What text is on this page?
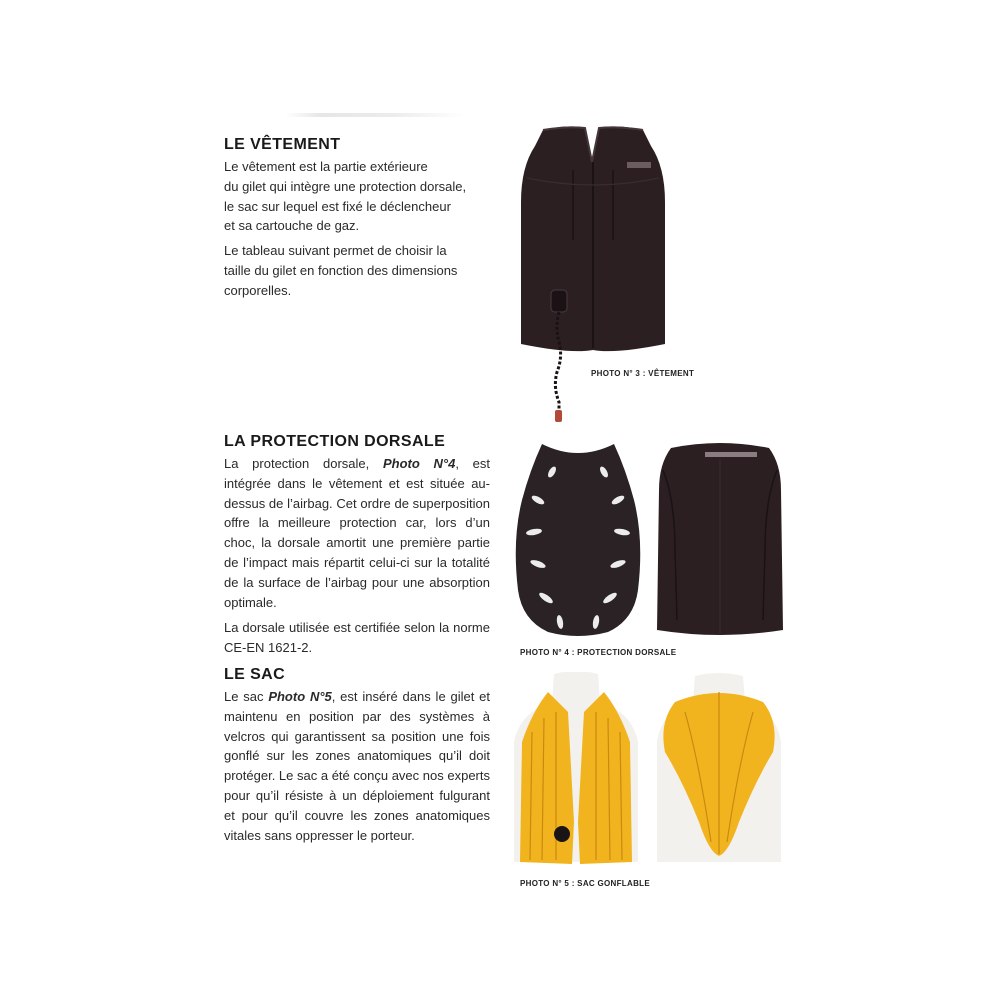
LE VÊTEMENT
Le vêtement est la partie extérieure
du gilet qui intègre une protection dorsale,
le sac sur lequel est fixé le déclencheur
et sa cartouche de gaz.
Le tableau suivant permet de choisir la
taille du gilet en fonction des dimensions
corporelles.
PHOTO N° 3 : VÊTEMENT
LA PROTECTION DORSALE

La protection dorsale, Photo N°4, est intégrée dans le vêtement et est située au-dessus de l’airbag. Cet ordre de superposition offre la meilleure protection car, lors d’un choc, la dorsale amortit une première partie de l’impact mais répartit celui-ci sur la totalité de la surface de l’airbag pour une absorption optimale.

La dorsale utilisée est certifiée selon la norme CE-EN 1621-2.	PHOTO N° 4 : PROTECTION DORSALE
LE SAC

Le sac Photo N°5, est inséré dans le gilet et maintenu en position par des systèmes à velcros qui garantissent sa position une fois gonflé sur les zones anatomiques qu’il doit protéger. Le sac a été conçu avec nos experts pour qu’il résiste à un déploiement fulgurant et pour qu’il couvre les zones anatomiques vitales sans oppresser le porteur.

PHOTO N° 5 : SAC GONFLABLE
